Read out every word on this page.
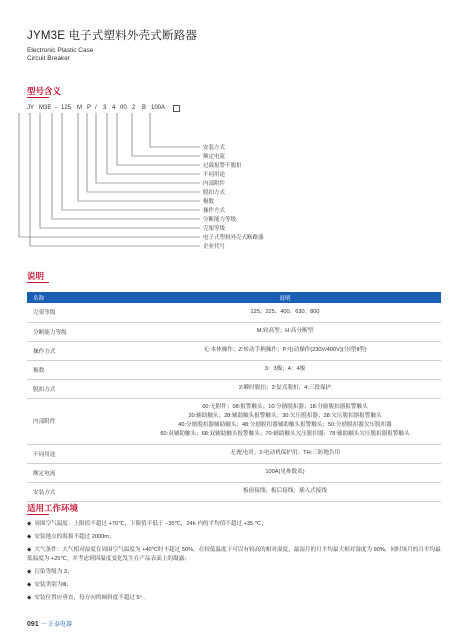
JYM3E 电子式塑料外壳式断路器
Electronic Plastic Case
Circuit Breaker
型号含义
JY M3E - 125 M P / 3 4 00 2 B 100A
安装方式
额定电流
过载报警不脱扣
不同用途
内部附件
脱扣方式
极数
操作方式
分断能力等级
壳架等级
电子式塑料外壳式断路器
企业代号
说明
名称	说明
壳架等级	125、225、400、630、800
分断能力等级	M:较高型；H:高分断型
操作方式	无:本体操作；Z:转动手柄操作；P:电动操作(230V/400V)(分Ⅰ型Ⅱ型)
极数	3：3极；4：4极
脱扣方式	2:瞬时脱扣；3:复式脱扣；4:三段保护
内部附件	00:无附件；08:报警触头；10:分励脱扣器；18:分励脱扣器报警触头
20:辅助触头；28:辅助触头报警触头；30:欠压脱扣器；38:欠压脱扣器报警触头
40:分励脱扣器辅助触头；48:分励脱扣器辅助触头报警触头；50:分励脱扣器欠压脱扣器
60:双辅助触头；68:双辅助触头报警触头；70:辅助触头欠压脱扣器；78:辅助触头欠压脱扣器报警触头

不同用途	无:配电用；2:电动机保护用；TH:三防地告用
额定电流	100A(见参数表)
安装方式	板前接线；板后接线；插入式接线
适用工作环境
◆ 周围空气温度：上限值不超过 +70℃，下限值不低于 −35℃，24h 内的平均值不超过 +35 ℃；
◆ 安装地点的海拔不超过 2000m；
◆ 大气条件：大气相对湿度在周围空气温度为 +40℃时不超过 50%，在较低温度下可以有较高的相对湿度，最湿月的月平均最大相对湿度为 90%，同时该月的月平均最低温度为 +25℃，并考虑到因温度变化发生在产品表面上的凝露；
◆ 污染等级为 3；
◆ 安装类别为Ⅲ；
◆ 安装位置应垂直，每方向的倾斜度不超过 5° 。
091 一 正泰电器
